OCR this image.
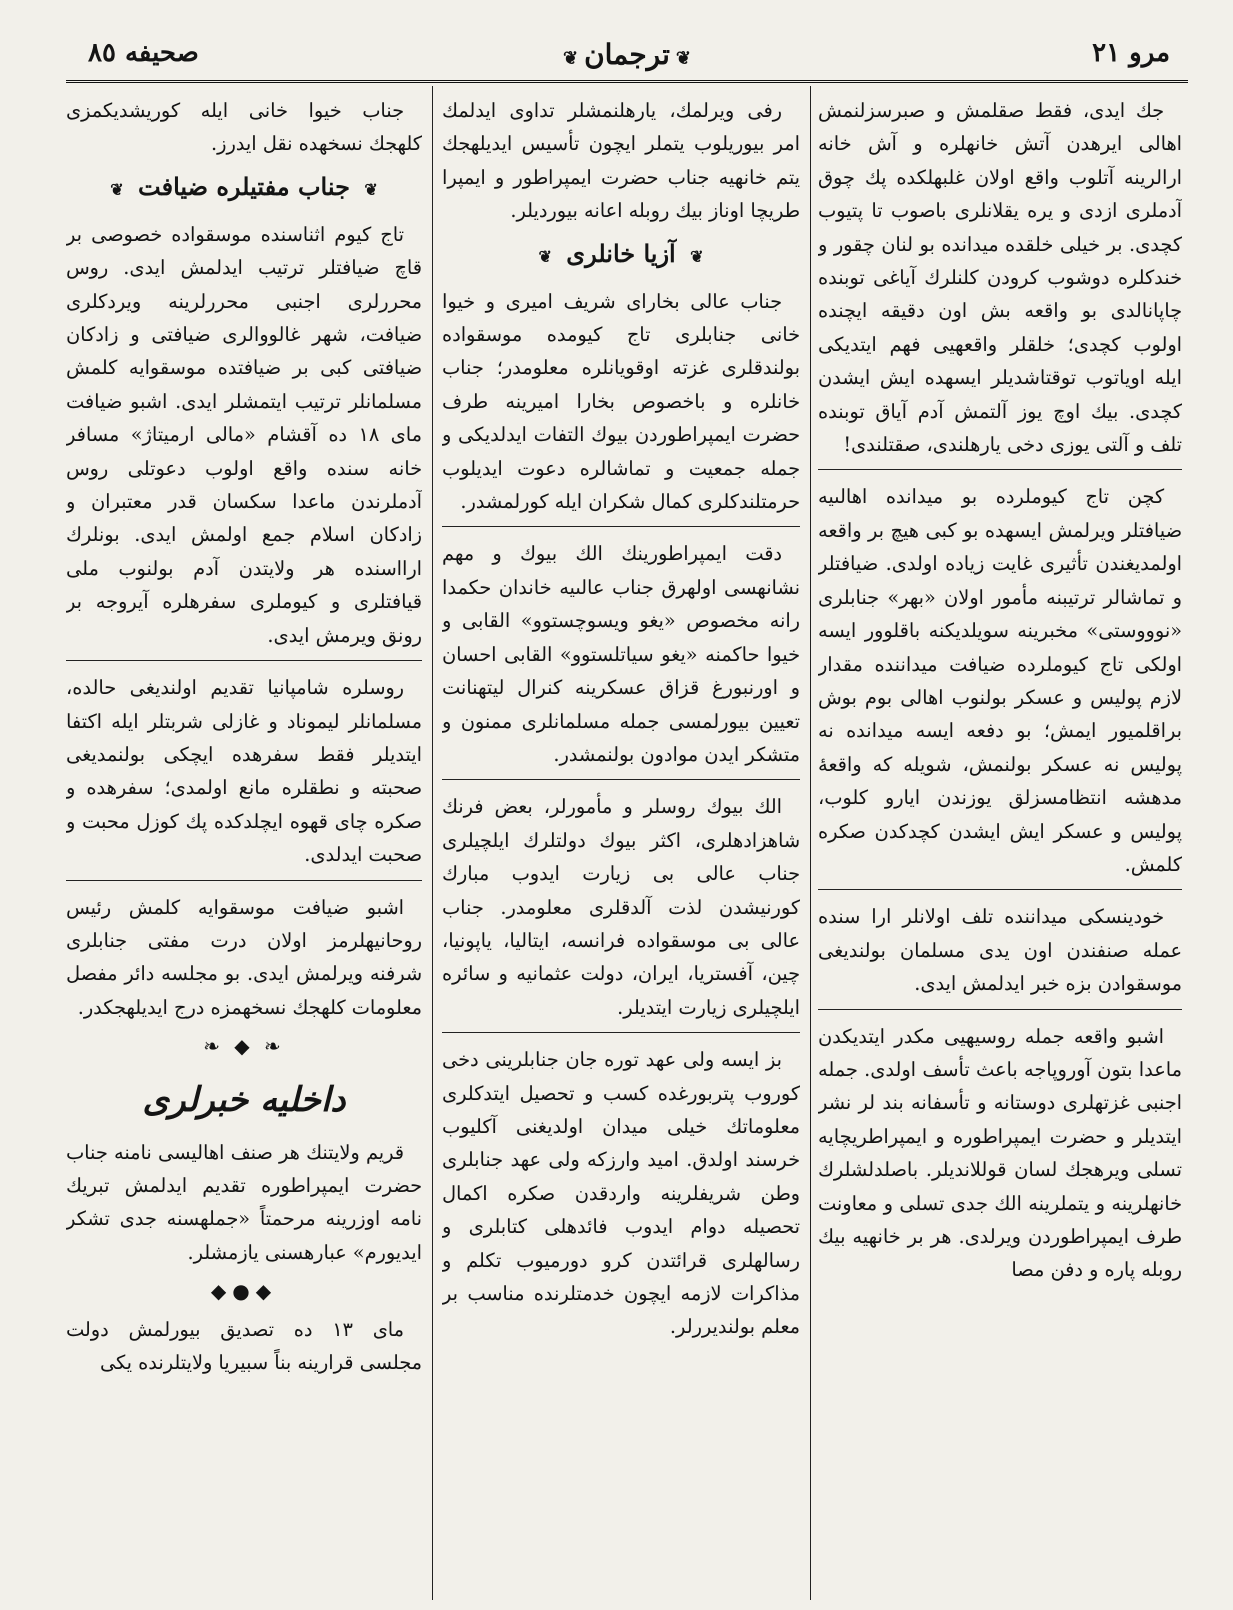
مرو ٢١
❦ترجمان❦
صحيفه ٨٥

جك ايدى، فقط صقلمش و صبرسزلنمش اهالى ايرهدن آتش خانهلره و آش خانه ارالرينه آتلوب واقع اولان غلبهلكده پك چوق آدملرى ازدى و يره يقلانلرى باصوب تا پتيوب كچدى. بر خيلى خلقده ميدانده بو لنان چقور و خندكلره دوشوب كرودن كلنلرك آياغى توبنده چاپانالدى بو واقعه بش اون دقيقه ايچنده اولوب كچدى؛ خلقلر واقعهيى فهم ايتديكى ايله اوياتوب توقتاشديلر ايسهده ايش ايشدن كچدى. بيك اوچ يوز آلتمش آدم آياق توبنده تلف و آلتى يوزى دخى يارهلندى، صقتلندى!

كچن تاج كيوملرده بو ميدانده اهالىيه ضيافتلر ويرلمش ايسهده بو كبى هيچ بر واقعه اولمديغندن تأثيرى غايت زياده اولدى. ضيافتلر و تماشالر ترتيبنه مأمور اولان «بهر» جنابلرى «نوووستى» مخبرينه سويلديكنه باقلوور ايسه اولكى تاج كيوملرده ضيافت ميداننده مقدار لازم پوليس و عسكر بولنوب اهالى بوم بوش براقلميور ايمش؛ بو دفعه ايسه ميدانده نه پوليس نه عسكر بولنمش، شويله كه واقعهٔ مدهشه انتظامسزلق يوزندن ايارو كلوب، پوليس و عسكر ايش ايشدن كچدكدن صكره كلمش.

خودينسكى ميداننده تلف اولانلر ارا سنده عمله صنفندن اون يدى مسلمان بولنديغى موسقوادن بزه خبر ايدلمش ايدى.

اشبو واقعه جمله روسيهيى مكدر ايتديكدن ماعدا بتون آوروپاجه باعث تأسف اولدى. جمله اجنبى غزتهلرى دوستانه و تأسفانه بند لر نشر ايتديلر و حضرت ايمپراطوره و ايمپراطريچايه تسلى ويرهجك لسان قوللانديلر. باصلدلشلرك خانهلرينه و يتملرينه الك جدى تسلى و معاونت طرف ايمپراطوردن ويرلدى. هر بر خانهيه بيك روبله پاره و دفن مصا

رفى ويرلمك، يارهلنمشلر تداوى ايدلمك امر بيوريلوب يتملر ايچون تأسيس ايديلهجك يتم خانهيه جناب حضرت ايمپراطور و ايمپرا طريچا اوناز بيك روبله اعانه بيورديلر.

❦ آزيا خانلرى ❦

جناب عالى بخاراى شريف اميرى و خيوا خانى جنابلرى تاج كيومده موسقواده بولندقلرى غزته اوقويانلره معلومدر؛ جناب خانلره و باخصوص بخارا اميرينه طرف حضرت ايمپراطوردن بيوك التفات ايدلديكى و جمله جمعيت و تماشالره دعوت ايديلوب حرمتلندكلرى كمال شكران ايله كورلمشدر.

دقت ايمپراطورينك الك بيوك و مهم نشانهسى اولهرق جناب عالىيه خاندان حكمدا رانه مخصوص «يغو ويسوچستوو» القابى و خيوا حاكمنه «يغو سياتلستوو» القابى احسان و اورنبورغ قزاق عسكرينه كنرال ليتهنانت تعيين بيورلمسى جمله مسلمانلرى ممنون و متشكر ايدن موادون بولنمشدر.

الك بيوك روسلر و مأمورلر، بعض فرنك شاهزادهلرى، اكثر بيوك دولتلرك ايلچيلرى جناب عالى بى زيارت ايدوب مبارك كورنيشدن لذت آلدقلرى معلومدر. جناب عالى بى موسقواده فرانسه، ايتاليا، ياپونيا، چين، آفستريا، ايران، دولت عثمانيه و سائره ايلچيلرى زيارت ايتديلر.

بز ايسه ولى عهد توره جان جنابلرينى دخى كوروب پتربورغده كسب و تحصيل ايتدكلرى معلوماتك خيلى ميدان اولديغنى آكليوب خرسند اولدق. اميد وارزكه ولى عهد جنابلرى وطن شريفلرينه واردقدن صكره اكمال تحصيله دوام ايدوب فائدهلى كتابلرى و رسالهلرى قرائتدن كرو دورميوب تكلم و مذاكرات لازمه ايچون خدمتلرنده مناسب بر معلم بولنديررلر.

جناب خيوا خانى ايله كوريشديكمزى كلهجك نسخهده نقل ايدرز.

❦ جناب مفتيلره ضيافت ❦

تاج كيوم اثناسنده موسقواده خصوصى بر قاچ ضيافتلر ترتيب ايدلمش ايدى. روس محررلرى اجنبى محررلرينه ويردكلرى ضيافت، شهر غالووالرى ضيافتى و زادكان ضيافتى كبى بر ضيافتده موسقوايه كلمش مسلمانلر ترتيب ايتمشلر ايدى. اشبو ضيافت ماى ١٨ ده آقشام «مالى ارميتاژ» مسافر خانه سنده واقع اولوب دعوتلى روس آدملرندن ماعدا سكسان قدر معتبران و زادكان اسلام جمع اولمش ايدى. بونلرك ارااسنده هر ولايتدن آدم بولنوب ملى قيافتلرى و كيوملرى سفرهلره آيروجه بر رونق ويرمش ايدى.

روسلره شامپانيا تقديم اولنديغى حالده، مسلمانلر ليموناد و غازلى شربتلر ايله اكتفا ايتديلر فقط سفرهده ايچكى بولنمديغى صحبته و نطقلره مانع اولمدى؛ سفرهده و صكره چاى قهوه ايچلدكده پك كوزل محبت و صحبت ايدلدى.

اشبو ضيافت موسقوايه كلمش رئيس روحانيهلرمز اولان درت مفتى جنابلرى شرفنه ويرلمش ايدى. بو مجلسه دائر مفصل معلومات كلهجك نسخهمزه درج ايديلهجكدر.

❧ ◆ ❧
داخليه خبرلرى

قريم ولايتنك هر صنف اهاليسى نامنه جناب حضرت ايمپراطوره تقديم ايدلمش تبريك نامه اوزرينه مرحمتاً «جملهسنه جدى تشكر ايديورم» عبارهسنى يازمشلر.

◆●◆

ماى ١٣ ده تصديق بيورلمش دولت مجلسى قرارينه بناً سبيريا ولايتلرنده يكى
